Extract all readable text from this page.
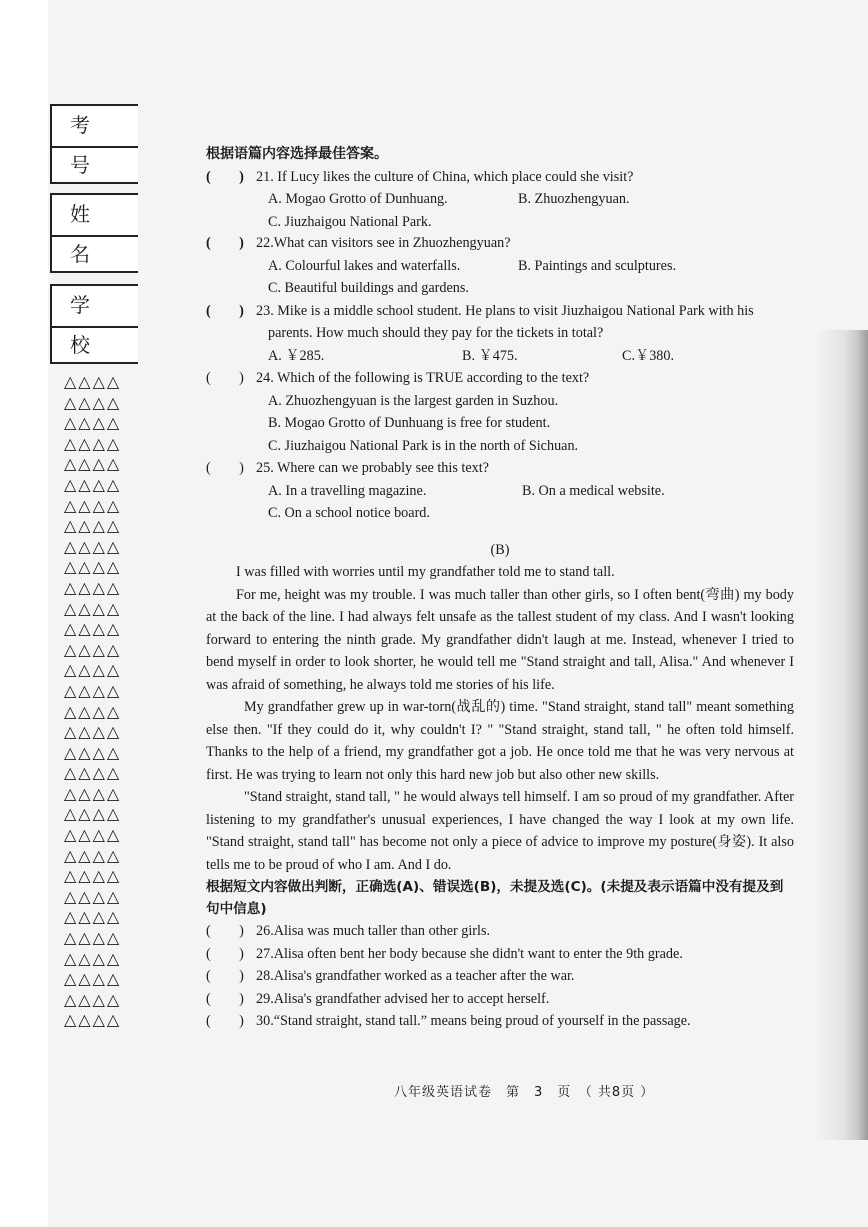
考号
姓名
学校
△△△△
△△△△
△△△△
△△△△
△△△△
△△△△
△△△△
△△△△
△△△△
△△△△
△△△△
△△△△
△△△△
△△△△
△△△△
△△△△
△△△△
△△△△
△△△△
△△△△
△△△△
△△△△
△△△△
△△△△
△△△△
△△△△
△△△△
△△△△
△△△△
△△△△
△△△△
△△△△
根据语篇内容选择最佳答案。
(　　) 21. If Lucy likes the culture of China, which place could she visit?
A. Mogao Grotto of Dunhuang.	B. Zhuozhengyuan.
C. Jiuzhaigou National Park.
(　　) 22.What can visitors see in Zhuozhengyuan?
A. Colourful lakes and waterfalls.	B. Paintings and sculptures.
C. Beautiful buildings and gardens.
(　　) 23. Mike is a middle school student. He plans to visit Jiuzhaigou National Park with his
parents. How much should they pay for the tickets in total?
A. ￥285.	B. ￥475.	C.￥380.
(　　) 24. Which of the following is TRUE according to the text?
A. Zhuozhengyuan is the largest garden in Suzhou.
B. Mogao Grotto of Dunhuang is free for student.
C. Jiuzhaigou National Park is in the north of Sichuan.
(　　) 25. Where can we probably see this text?
A. In a travelling magazine.	B. On a medical website.
C. On a school notice board.
(B)
I was filled with worries until my grandfather told me to stand tall.
For me, height was my trouble. I was much taller than other girls, so I often bent(弯曲) my body at the back of the line. I had always felt unsafe as the tallest student of my class. And I wasn't looking forward to entering the ninth grade. My grandfather didn't laugh at me. Instead, whenever I tried to bend myself in order to look shorter, he would tell me "Stand straight and tall, Alisa." And whenever I was afraid of something, he always told me stories of his life.
My grandfather grew up in war-torn(战乱的) time. "Stand straight, stand tall" meant something else then. "If they could do it, why couldn't I? " "Stand straight, stand tall, " he often told himself. Thanks to the help of a friend, my grandfather got a job. He once told me that he was very nervous at first. He was trying to learn not only this hard new job but also other new skills.
"Stand straight, stand tall, " he would always tell himself. I am so proud of my grandfather. After listening to my grandfather's unusual experiences, I have changed the way I look at my own life. "Stand straight, stand tall" has become not only a piece of advice to improve my posture(身姿). It also tells me to be proud of who I am. And I do.
根据短文内容做出判断，正确选(A)、错误选(B)，未提及选(C)。(未提及表示语篇中没有提及到句中信息)
(　　) 26.Alisa was much taller than other girls.
(　　) 27.Alisa often bent her body because she didn't want to enter the 9th grade.
(　　) 28.Alisa's grandfather worked as a teacher after the war.
(　　) 29.Alisa's grandfather advised her to accept herself.
(　　) 30.“Stand straight, stand tall.” means being proud of yourself in the passage.
八年级英语试卷　第　3　页　（ 共8页 ）
